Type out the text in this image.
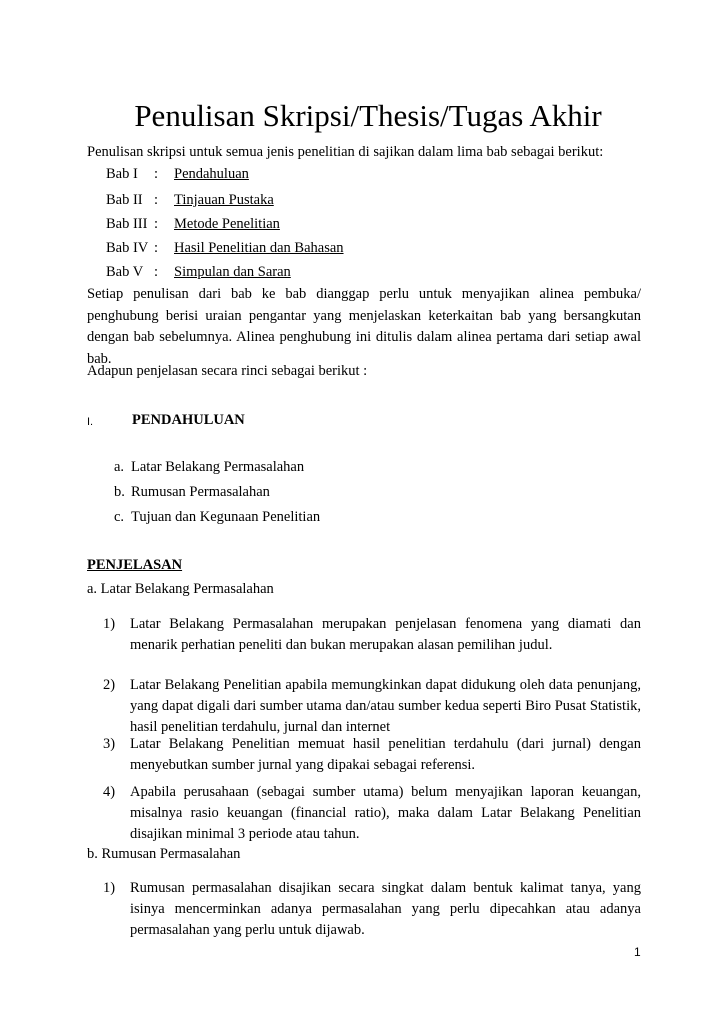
Penulisan Skripsi/Thesis/Tugas Akhir
Penulisan skripsi untuk semua jenis penelitian di sajikan dalam lima bab sebagai berikut:
Bab I : Pendahuluan
Bab II : Tinjauan Pustaka
Bab III : Metode Penelitian
Bab IV : Hasil Penelitian dan Bahasan
Bab V : Simpulan dan Saran
Setiap penulisan dari bab ke bab dianggap perlu untuk menyajikan alinea pembuka/ penghubung berisi uraian pengantar yang menjelaskan keterkaitan bab yang bersangkutan dengan bab sebelumnya. Alinea penghubung ini ditulis dalam alinea pertama dari setiap awal bab.
Adapun penjelasan secara rinci sebagai berikut :
I.	PENDAHULUAN
a. Latar Belakang Permasalahan
b. Rumusan Permasalahan
c. Tujuan dan Kegunaan Penelitian
PENJELASAN
a. Latar Belakang Permasalahan
1) Latar Belakang Permasalahan merupakan penjelasan fenomena yang diamati dan menarik perhatian peneliti dan bukan merupakan alasan pemilihan judul.
2) Latar Belakang Penelitian apabila memungkinkan dapat didukung oleh data penunjang, yang dapat digali dari sumber utama dan/atau sumber kedua seperti Biro Pusat Statistik, hasil penelitian terdahulu, jurnal dan internet
3) Latar Belakang Penelitian memuat hasil penelitian terdahulu (dari jurnal) dengan menyebutkan sumber jurnal yang dipakai sebagai referensi.
4) Apabila perusahaan (sebagai sumber utama) belum menyajikan laporan keuangan, misalnya rasio keuangan (financial ratio), maka dalam Latar Belakang Penelitian disajikan minimal 3 periode atau tahun.
b. Rumusan Permasalahan
1) Rumusan permasalahan disajikan secara singkat dalam bentuk kalimat tanya, yang isinya mencerminkan adanya permasalahan yang perlu dipecahkan atau adanya permasalahan yang perlu untuk dijawab.
1
